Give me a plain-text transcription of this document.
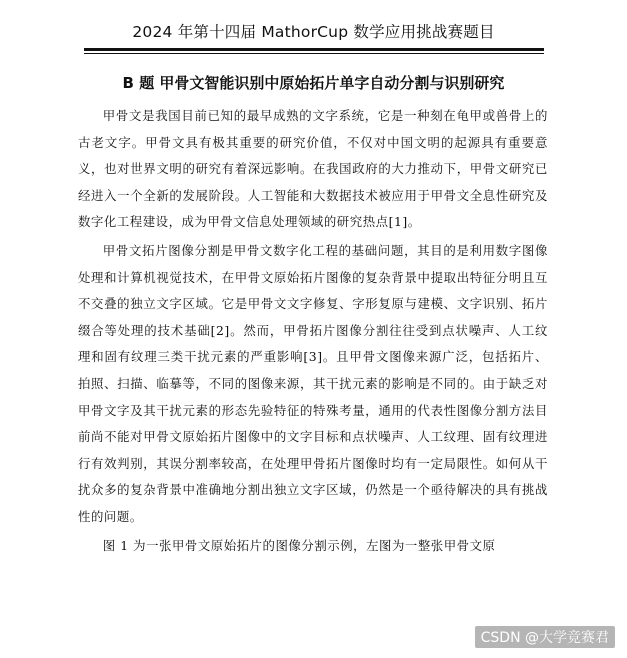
2024 年第十四届 MathorCup 数学应用挑战赛题目
B 题 甲骨文智能识别中原始拓片单字自动分割与识别研究

甲骨文是我国目前已知的最早成熟的文字系统，它是一种刻在龟甲或兽骨上的古老文字。甲骨文具有极其重要的研究价值，不仅对中国文明的起源具有重要意义，也对世界文明的研究有着深远影响。在我国政府的大力推动下，甲骨文研究已经进入一个全新的发展阶段。人工智能和大数据技术被应用于甲骨文全息性研究及数字化工程建设，成为甲骨文信息处理领域的研究热点[1]。

甲骨文拓片图像分割是甲骨文数字化工程的基础问题，其目的是利用数字图像处理和计算机视觉技术，在甲骨文原始拓片图像的复杂背景中提取出特征分明且互不交叠的独立文字区域。它是甲骨文文字修复、字形复原与建模、文字识别、拓片缀合等处理的技术基础[2]。然而，甲骨拓片图像分割往往受到点状噪声、人工纹理和固有纹理三类干扰元素的严重影响[3]。且甲骨文图像来源广泛，包括拓片、拍照、扫描、临摹等，不同的图像来源，其干扰元素的影响是不同的。由于缺乏对甲骨文字及其干扰元素的形态先验特征的特殊考量，通用的代表性图像分割方法目前尚不能对甲骨文原始拓片图像中的文字目标和点状噪声、人工纹理、固有纹理进行有效判别，其误分割率较高，在处理甲骨拓片图像时均有一定局限性。如何从干扰众多的复杂背景中准确地分割出独立文字区域，仍然是一个亟待解决的具有挑战性的问题。

图 1 为一张甲骨文原始拓片的图像分割示例，左图为一整张甲骨文原

CSDN @大学竞赛君
